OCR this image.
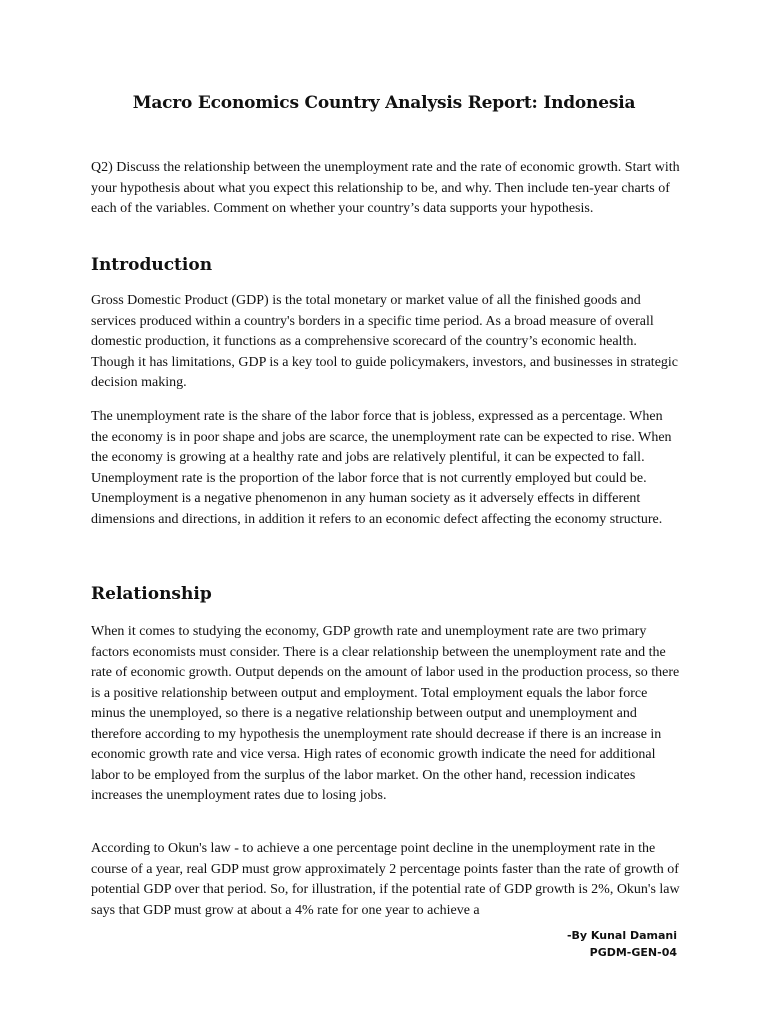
Macro Economics Country Analysis Report: Indonesia

Q2) Discuss the relationship between the unemployment rate and the rate of economic growth. Start with your hypothesis about what you expect this relationship to be, and why. Then include ten-year charts of each of the variables. Comment on whether your country’s data supports your hypothesis.

Introduction

Gross Domestic Product (GDP) is the total monetary or market value of all the finished goods and services produced within a country's borders in a specific time period. As a broad measure of overall domestic production, it functions as a comprehensive scorecard of the country’s economic health. Though it has limitations, GDP is a key tool to guide policymakers, investors, and businesses in strategic decision making.

The unemployment rate is the share of the labor force that is jobless, expressed as a percentage. When the economy is in poor shape and jobs are scarce, the unemployment rate can be expected to rise. When the economy is growing at a healthy rate and jobs are relatively plentiful, it can be expected to fall. Unemployment rate is the proportion of the labor force that is not currently employed but could be. Unemployment is a negative phenomenon in any human society as it adversely effects in different dimensions and directions, in addition it refers to an economic defect affecting the economy structure.

Relationship

When it comes to studying the economy, GDP growth rate and unemployment rate are two primary factors economists must consider. There is a clear relationship between the unemployment rate and the rate of economic growth. Output depends on the amount of labor used in the production process, so there is a positive relationship between output and employment. Total employment equals the labor force minus the unemployed, so there is a negative relationship between output and unemployment and therefore according to my hypothesis the unemployment rate should decrease if there is an increase in economic growth rate and vice versa. High rates of economic growth indicate the need for additional labor to be employed from the surplus of the labor market. On the other hand, recession indicates increases the unemployment rates due to losing jobs.

According to Okun's law - to achieve a one percentage point decline in the unemployment rate in the course of a year, real GDP must grow approximately 2 percentage points faster than the rate of growth of potential GDP over that period. So, for illustration, if the potential rate of GDP growth is 2%, Okun's law says that GDP must grow at about a 4% rate for one year to achieve a

-By Kunal Damani
PGDM-GEN-04
